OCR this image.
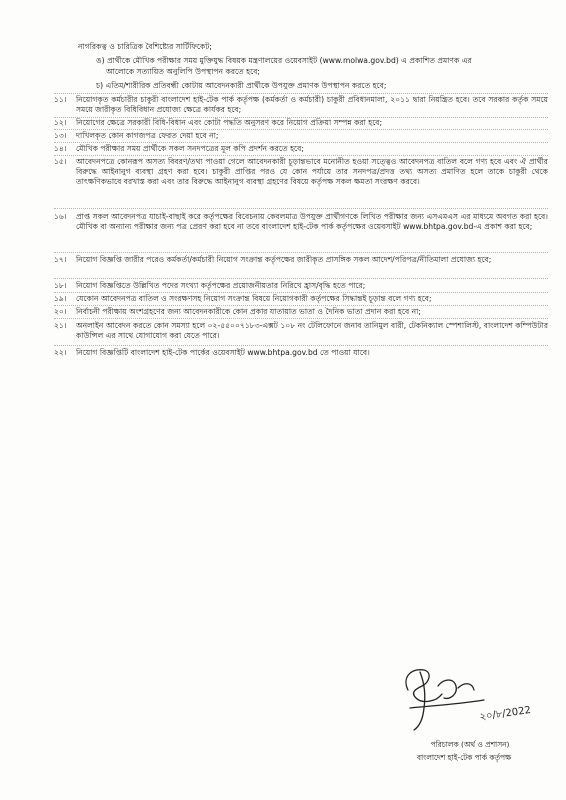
নাগরিকত্ব ও চারিত্রিক বৈশিষ্ট্যের সার্টিফিকেট;
ঙ) প্রার্থীকে মৌখিক পরীক্ষার সময় মুক্তিযুদ্ধ বিষয়ক মন্ত্রণালয়ের ওয়েবসাইট (www.molwa.gov.bd) এ প্রকাশিত প্রমাণক এর
আলোকে সত্যায়িত অনুলিপি উপস্থাপন করতে হবে;
চ) এতিম/শারীরিক প্রতিবন্ধী কোটায় আবেদনকারী প্রার্থীকে উপযুক্ত প্রমাণক উপস্থাপন করতে হবে;
১১।	নিয়োগকৃত কর্মচারীর চাকুরী বাংলাদেশ হাই-টেক পার্ক কর্তৃপক্ষ (কর্মকর্তা ও কর্মচারী) চাকুরী প্রবিধানমালা, ২০১১ দ্বারা নিয়ন্ত্রিত হবে। তবে সরকার কর্তৃক সময়ে সময়ে জারীকৃত বিধিবিধান প্রযোজ্য ক্ষেত্রে কার্যকর হবে;
১২।	নিয়োগের ক্ষেত্রে সরকারী বিধি-বিধান এবং কোটা পদ্ধতি অনুসরণ করে নিয়োগ প্রক্রিয়া সম্পন্ন করা হবে;
১৩।	দাখিলকৃত কোন কাগজপত্র ফেরত দেয়া হবে না;
১৪।	মৌখিক পরীক্ষার সময় প্রার্থীকে সকল সনদপত্রের মূল কপি প্রদর্শন করতে হবে;
১৫।	আবেদনপত্রে কোনরূপ অসত্য বিবরণ/তথ্য পাওয়া গেলে আবেদনকারী চূড়ান্তভাবে মনোনীত হওয়া সত্ত্বেও আবেদনপত্র বাতিল বলে গণ্য হবে এবং ঐ প্রার্থীর বিরুদ্ধে আইনানুগ ব্যবস্থা গ্রহণ করা হবে। চাকুরী প্রাপ্তির পরও যে কোন পর্যায়ে তার সনদপত্র/প্রদত্ত তথ্য অসত্য প্রমাণিত হলে তাকে চাকুরী থেকে তাৎক্ষণিকভাবে বরখাস্ত করা এবং তার বিরুদ্ধে আইনানুগ ব্যবস্থা গ্রহণের বিষয়ে কর্তৃপক্ষ সকল ক্ষমতা সংরক্ষণ করবে।
১৬।	প্রাপ্ত সকল আবেদনপত্র যাচাই-বাছাই করে কর্তৃপক্ষের বিবেচনায় কেবলমাত্র উপযুক্ত প্রার্থীগণকে লিখিত পরীক্ষার জন্য এসএমএস এর মাধ্যমে অবগত করা হবে। মৌখিক বা অন্যান্য পরীক্ষার জন্য পত্র প্রেরণ করা হবে না তবে বাংলাদেশ হাই-টেক পার্ক কর্তৃপক্ষের ওয়েবসাইট www.bhtpa.gov.bd-এ প্রকাশ করা হবে;
১৭।	নিয়োগ বিজ্ঞপ্তি জারীর পরেও কর্মকর্তা/কর্মচারী নিয়োগ সংক্রান্ত কর্তৃপক্ষের জারীকৃত প্রাসঙ্গিক সকল আদেশ/পরিপত্র/নীতিমালা প্রযোজ্য হবে;
১৮।	নিয়োগ বিজ্ঞপ্তিতে উল্লিখিত পদের সংখ্যা কর্তৃপক্ষের প্রয়োজনীয়তার নিরিখে হ্রাস/বৃদ্ধি হতে পারে;
১৯।	যেকোন আবেদনপত্র বাতিল ও সংরক্ষণসহ নিয়োগ সংক্রান্ত বিষয়ে নিয়োগকারী কর্তৃপক্ষের সিদ্ধান্তই চূড়ান্ত বলে গণ্য হবে;
২০।	নির্বাচনী পরীক্ষায় অংশগ্রহণের জন্য আবেদনকারীকে কোন প্রকার যাতায়াত ভাতা ও দৈনিক ভাতা প্রদান করা হবে না;
২১।	অনলাইন আবেদন করতে কোন সমস্যা হলে ০২-৫৫০০৭১৮৩-এক্সট ১০৮ নং টেলিফোনে জনাব তানিমুল বারী, টেকনিক্যাল স্পেশালিস্ট, বাংলাদেশ কম্পিউটার কাউন্সিল এর সাথে যোগাযোগ করা যেতে পারে।
২২।	নিয়োগ বিজ্ঞপ্তিটি বাংলাদেশ হাই-টেক পার্কের ওয়েবসাইট www.bhtpa.gov.bd তে পাওয়া যাবে।
২০/৮/2022
পরিচালক (অর্থ ও প্রশাসন)
বাংলাদেশ হাই-টেক পার্ক কর্তৃপক্ষ
